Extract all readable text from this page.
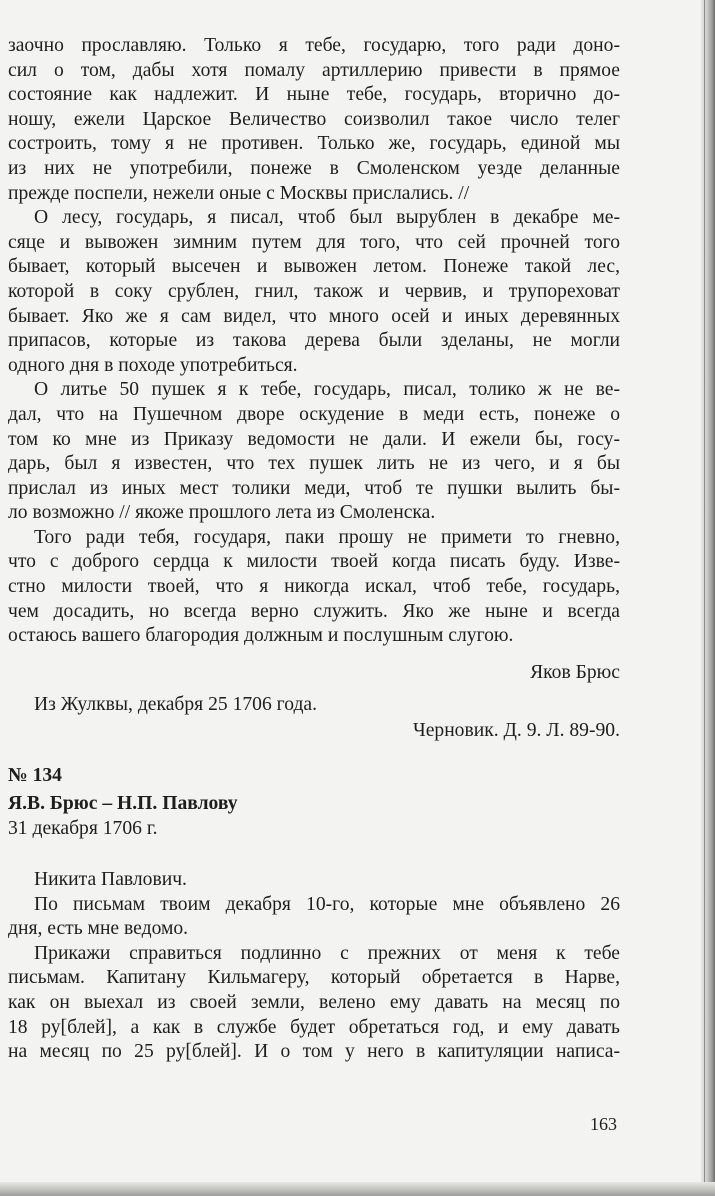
заочно прославляю. Только я тебе, государю, того ради доно-
сил о том, дабы хотя помалу артиллерию привести в прямое
состояние как надлежит. И ныне тебе, государь, вторично до-
ношу, ежели Царское Величество соизволил такое число телег
состроить, тому я не противен. Только же, государь, единой мы
из них не употребили, понеже в Смоленском уезде деланные
прежде поспели, нежели оные с Москвы прислались. //
О лесу, государь, я писал, чтоб был вырублен в декабре ме-
сяце и вывожен зимним путем для того, что сей прочней того
бывает, который высечен и вывожен летом. Понеже такой лес,
которой в соку срублен, гнил, також и червив, и трупореховат
бывает. Яко же я сам видел, что много осей и иных деревянных
припасов, которые из такова дерева были зделаны, не могли
одного дня в походе употребиться.
О литье 50 пушек я к тебе, государь, писал, толико ж не ве-
дал, что на Пушечном дворе оскудение в меди есть, понеже о
том ко мне из Приказу ведомости не дали. И ежели бы, госу-
дарь, был я известен, что тех пушек лить не из чего, и я бы
прислал из иных мест толики меди, чтоб те пушки вылить бы-
ло возможно // якоже прошлого лета из Смоленска.
Того ради тебя, государя, паки прошу не примети то гневно,
что с доброго сердца к милости твоей когда писать буду. Изве-
стно милости твоей, что я никогда искал, чтоб тебе, государь,
чем досадить, но всегда верно служить. Яко же ныне и всегда
остаюсь вашего благородия должным и послушным слугою.
Яков Брюс
Из Жулквы, декабря 25 1706 года.
Черновик. Д. 9. Л. 89-90.
№ 134
Я.В. Брюс – Н.П. Павлову
31 декабря 1706 г.
Никита Павлович.
По письмам твоим декабря 10-го, которые мне объявлено 26
дня, есть мне ведомо.
Прикажи справиться подлинно с прежних от меня к тебе
письмам. Капитану Кильмагеру, который обретается в Нарве,
как он выехал из своей земли, велено ему давать на месяц по
18 ру[блей], а как в службе будет обретаться год, и ему давать
на месяц по 25 ру[блей]. И о том у него в капитуляции написа-
163
